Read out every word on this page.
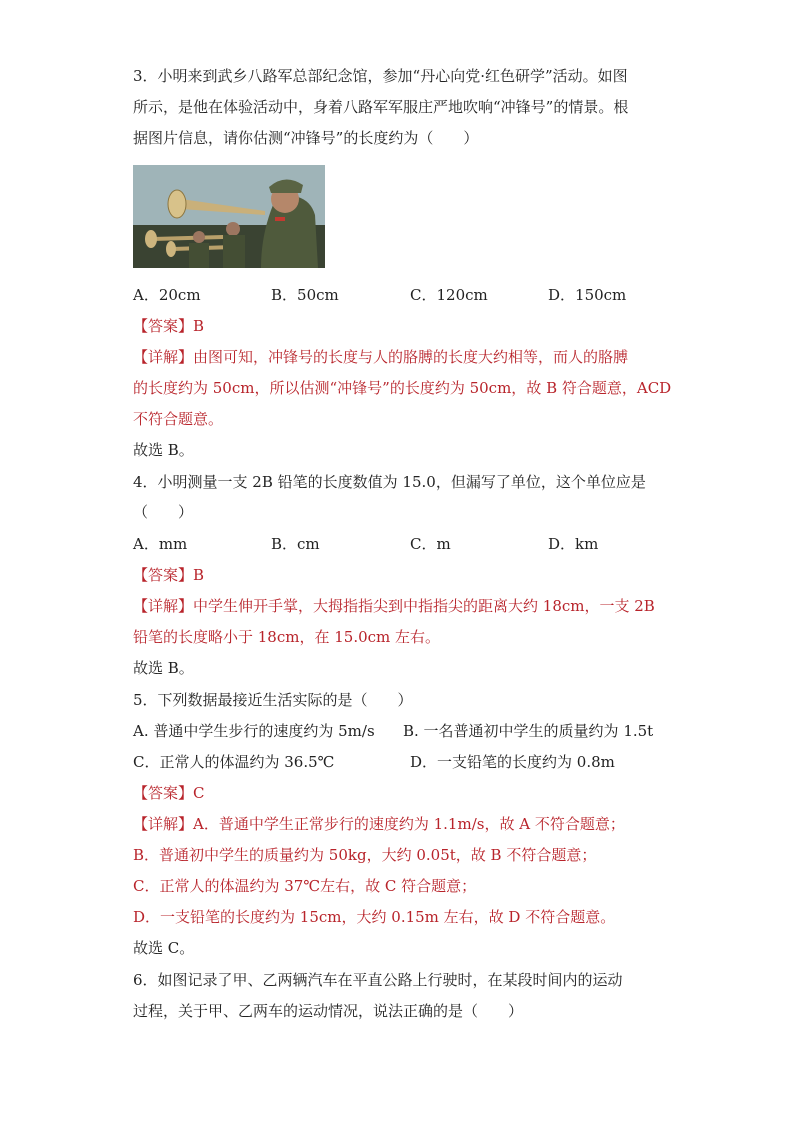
3．小明来到武乡八路军总部纪念馆，参加“丹心向党·红色研学”活动。如图
所示，是他在体验活动中，身着八路军军服庄严地吹响“冲锋号”的情景。根
据图片信息，请你估测“冲锋号”的长度约为（　　）
A．20cm	B．50cm	C．120cm	D．150cm
【答案】B
【详解】由图可知，冲锋号的长度与人的胳膊的长度大约相等，而人的胳膊
的长度约为 50cm，所以估测“冲锋号”的长度约为 50cm，故 B 符合题意，ACD
不符合题意。
故选 B。
4．小明测量一支 2B 铅笔的长度数值为 15.0，但漏写了单位，这个单位应是
（　　）
A．mm	B．cm	C．m	D．km
【答案】B
【详解】中学生伸开手掌，大拇指指尖到中指指尖的距离大约 18cm，一支 2B
铅笔的长度略小于 18cm，在 15.0cm 左右。
故选 B。
5．下列数据最接近生活实际的是（　　）
A. 普通中学生步行的速度约为 5m/s B. 一名普通初中学生的质量约为 1.5t
C．正常人的体温约为 36.5℃	D．一支铅笔的长度约为 0.8m
【答案】C
【详解】A．普通中学生正常步行的速度约为 1.1m/s，故 A 不符合题意；
B．普通初中学生的质量约为 50kg，大约 0.05t，故 B 不符合题意；
C．正常人的体温约为 37℃左右，故 C 符合题意；
D．一支铅笔的长度约为 15cm，大约 0.15m 左右，故 D 不符合题意。
故选 C。
6．如图记录了甲、乙两辆汽车在平直公路上行驶时，在某段时间内的运动
过程，关于甲、乙两车的运动情况，说法正确的是（　　）
